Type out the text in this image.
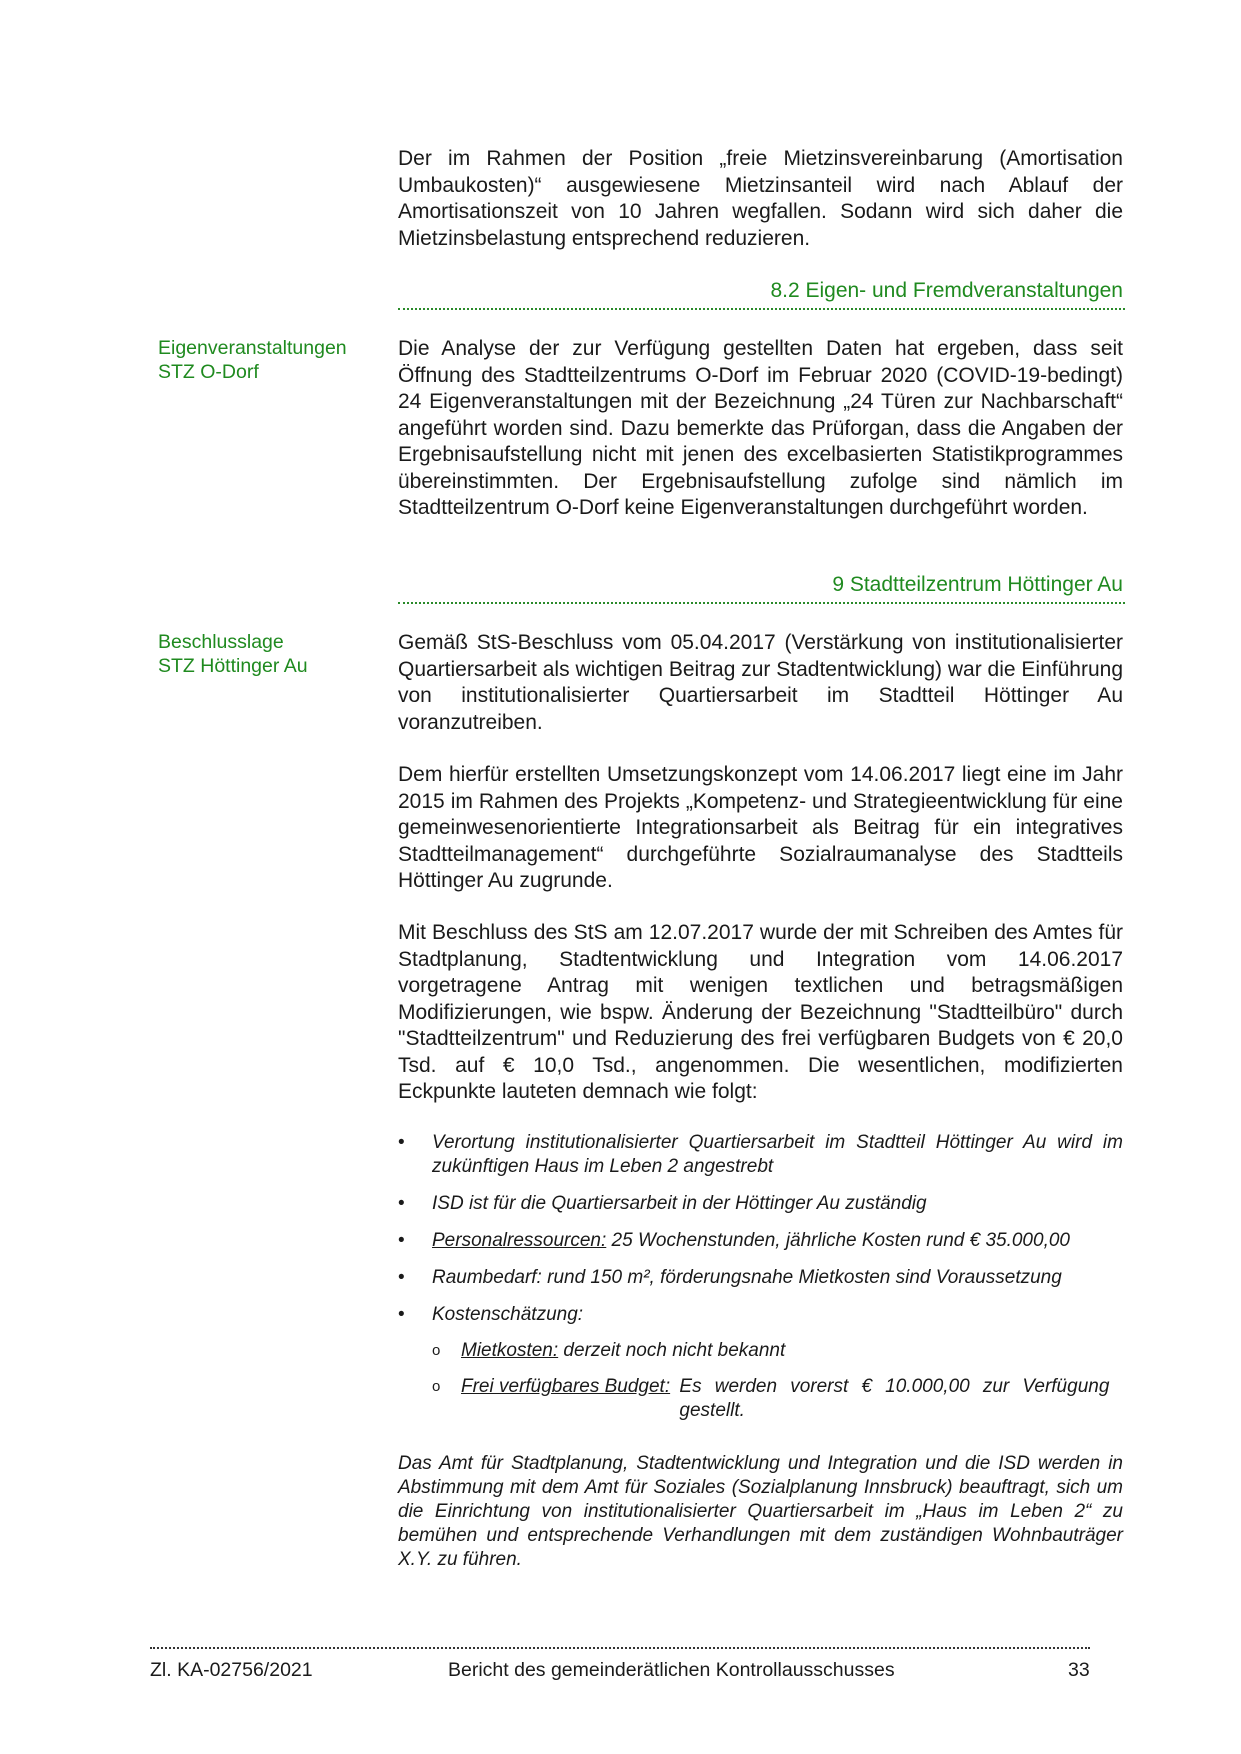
Der im Rahmen der Position „freie Mietzinsvereinbarung (Amortisation Umbaukosten)“ ausgewiesene Mietzinsanteil wird nach Ablauf der Amortisationszeit von 10 Jahren wegfallen. Sodann wird sich daher die Mietzinsbelastung entsprechend reduzieren.

8.2 Eigen- und Fremdveranstaltungen
Eigenveranstaltungen
STZ O-Dorf

Die Analyse der zur Verfügung gestellten Daten hat ergeben, dass seit Öffnung des Stadtteilzentrums O-Dorf im Februar 2020 (COVID-19-bedingt) 24 Eigenveranstaltungen mit der Bezeichnung „24 Türen zur Nachbarschaft“ angeführt worden sind. Dazu bemerkte das Prüforgan, dass die Angaben der Ergebnisaufstellung nicht mit jenen des excelbasierten Statistikprogrammes übereinstimmten. Der Ergebnisaufstellung zufolge sind nämlich im Stadtteilzentrum O-Dorf keine Eigenveranstaltungen durchgeführt worden.

9 Stadtteilzentrum Höttinger Au
Beschlusslage
STZ Höttinger Au

Gemäß StS-Beschluss vom 05.04.2017 (Verstärkung von institutionalisierter Quartiersarbeit als wichtigen Beitrag zur Stadtentwicklung) war die Einführung von institutionalisierter Quartiersarbeit im Stadtteil Höttinger Au voranzutreiben.

Dem hierfür erstellten Umsetzungskonzept vom 14.06.2017 liegt eine im Jahr 2015 im Rahmen des Projekts „Kompetenz- und Strategieentwicklung für eine gemeinwesenorientierte Integrationsarbeit als Beitrag für ein integratives Stadtteilmanagement“ durchgeführte Sozialraumanalyse des Stadtteils Höttinger Au zugrunde.

Mit Beschluss des StS am 12.07.2017 wurde der mit Schreiben des Amtes für Stadtplanung, Stadtentwicklung und Integration vom 14.06.2017 vorgetragene Antrag mit wenigen textlichen und betragsmäßigen Modifizierungen, wie bspw. Änderung der Bezeichnung "Stadtteilbüro" durch "Stadtteilzentrum" und Reduzierung des frei verfügbaren Budgets von € 20,0 Tsd. auf € 10,0 Tsd., angenommen. Die wesentlichen, modifizierten Eckpunkte lauteten demnach wie folgt:

• Verortung institutionalisierter Quartiersarbeit im Stadtteil Höttinger Au wird im zukünftigen Haus im Leben 2 angestrebt
• ISD ist für die Quartiersarbeit in der Höttinger Au zuständig
• Personalressourcen: 25 Wochenstunden, jährliche Kosten rund € 35.000,00
• Raumbedarf: rund 150 m², förderungsnahe Mietkosten sind Voraussetzung
• Kostenschätzung:
o Mietkosten: derzeit noch nicht bekannt
o Frei verfügbares Budget: Es werden vorerst € 10.000,00 zur Verfügung gestellt.

Das Amt für Stadtplanung, Stadtentwicklung und Integration und die ISD werden in Abstimmung mit dem Amt für Soziales (Sozialplanung Innsbruck) beauftragt, sich um die Einrichtung von institutionalisierter Quartiersarbeit im „Haus im Leben 2“ zu bemühen und entsprechende Verhandlungen mit dem zuständigen Wohnbauträger X.Y. zu führen.

Zl. KA-02756/2021	Bericht des gemeinderätlichen Kontrollausschusses	33
